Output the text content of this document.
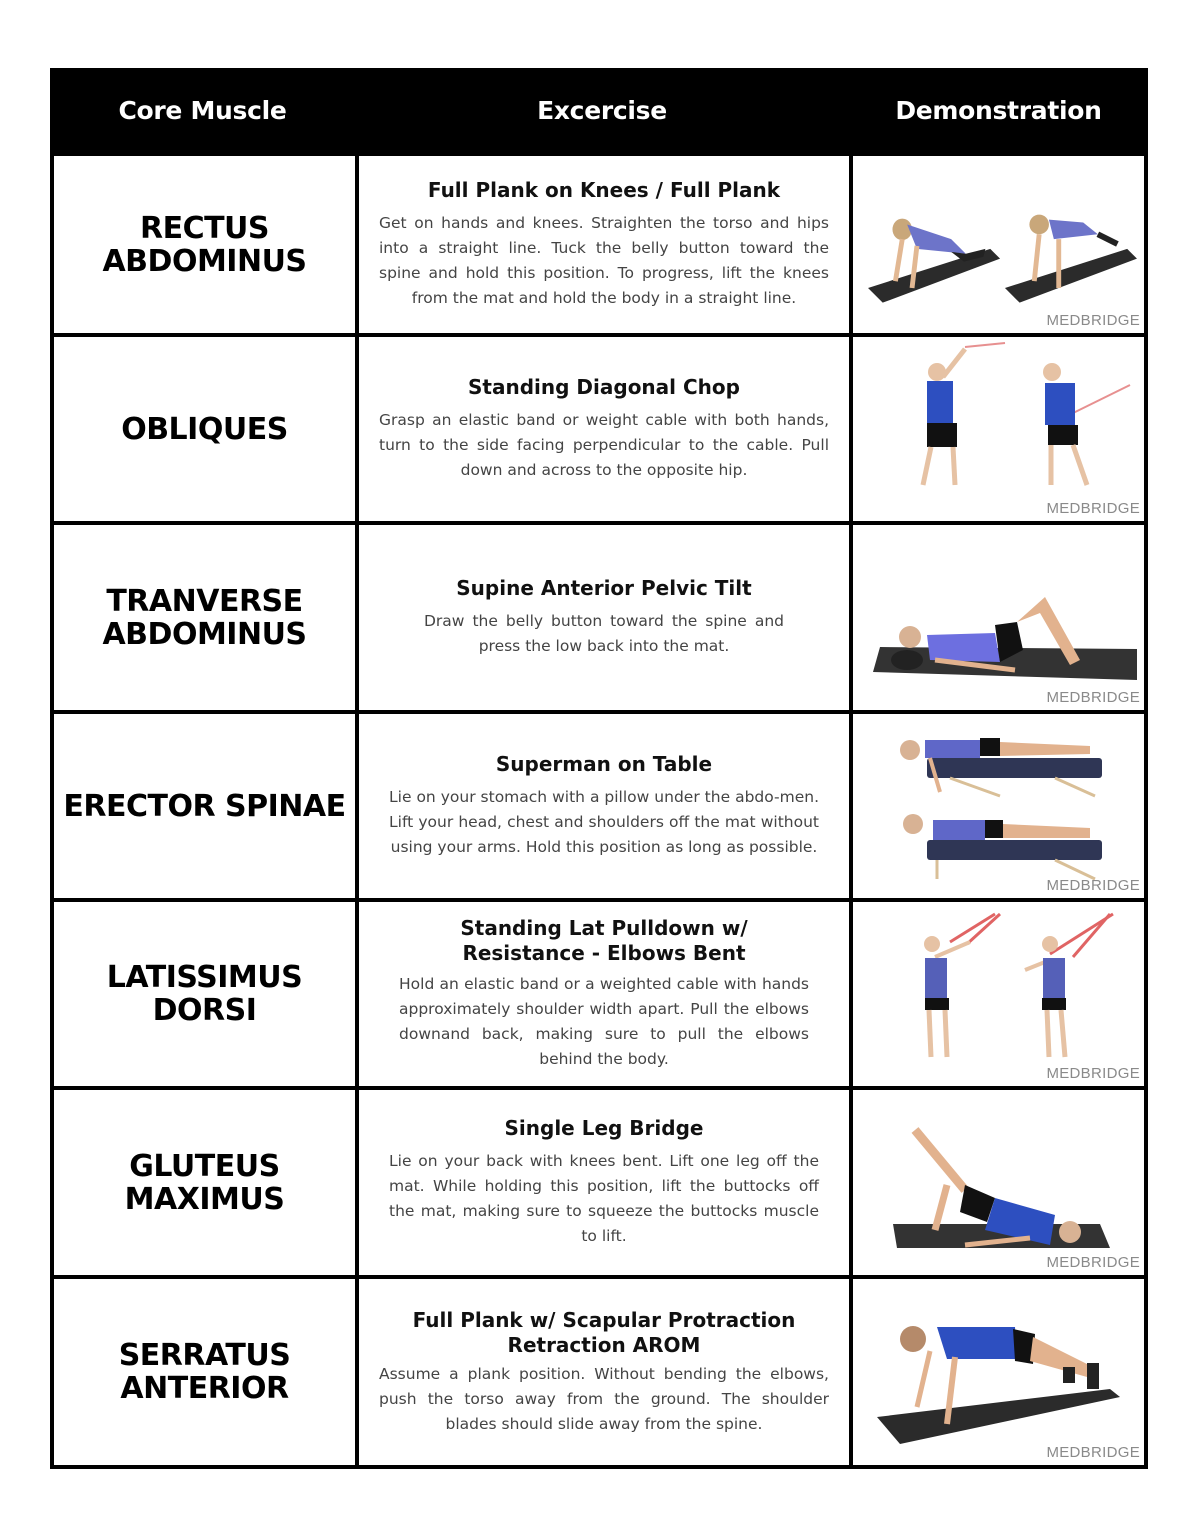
Core Muscle	Excercise	Demonstration
RECTUS ABDOMINUS
Full Plank on Knees / Full Plank
Get on hands and knees. Straighten the torso and hips into a straight line. Tuck the belly button toward the spine and hold this position. To progress, lift the knees from the mat and hold the body in a straight line.
MEDBRIDGE
OBLIQUES
Standing Diagonal Chop
Grasp an elastic band or weight cable with both hands, turn to the side facing perpendicular to the cable. Pull down and across to the opposite hip.
MEDBRIDGE
TRANVERSE ABDOMINUS
Supine Anterior Pelvic Tilt
Draw the belly button toward the spine and press the low back into the mat.
MEDBRIDGE
ERECTOR SPINAE
Superman on Table
Lie on your stomach with a pillow under the abdo-men. Lift your head, chest and shoulders off the mat without using your arms. Hold this position as long as possible.
MEDBRIDGE
LATISSIMUS DORSI
Standing Lat Pulldown w/ Resistance - Elbows Bent
Hold an elastic band or a weighted cable with hands approximately shoulder width apart. Pull the elbows downand back, making sure to pull the elbows behind the body.
MEDBRIDGE
GLUTEUS MAXIMUS
Single Leg Bridge
Lie on your back with knees bent. Lift one leg off the mat. While holding this position, lift the buttocks off the mat, making sure to squeeze the buttocks muscle to lift.
MEDBRIDGE
SERRATUS ANTERIOR
Full Plank w/ Scapular Protraction Retraction AROM
Assume a plank position. Without bending the elbows, push the torso away from the ground. The shoulder blades should slide away from the spine.
MEDBRIDGE
